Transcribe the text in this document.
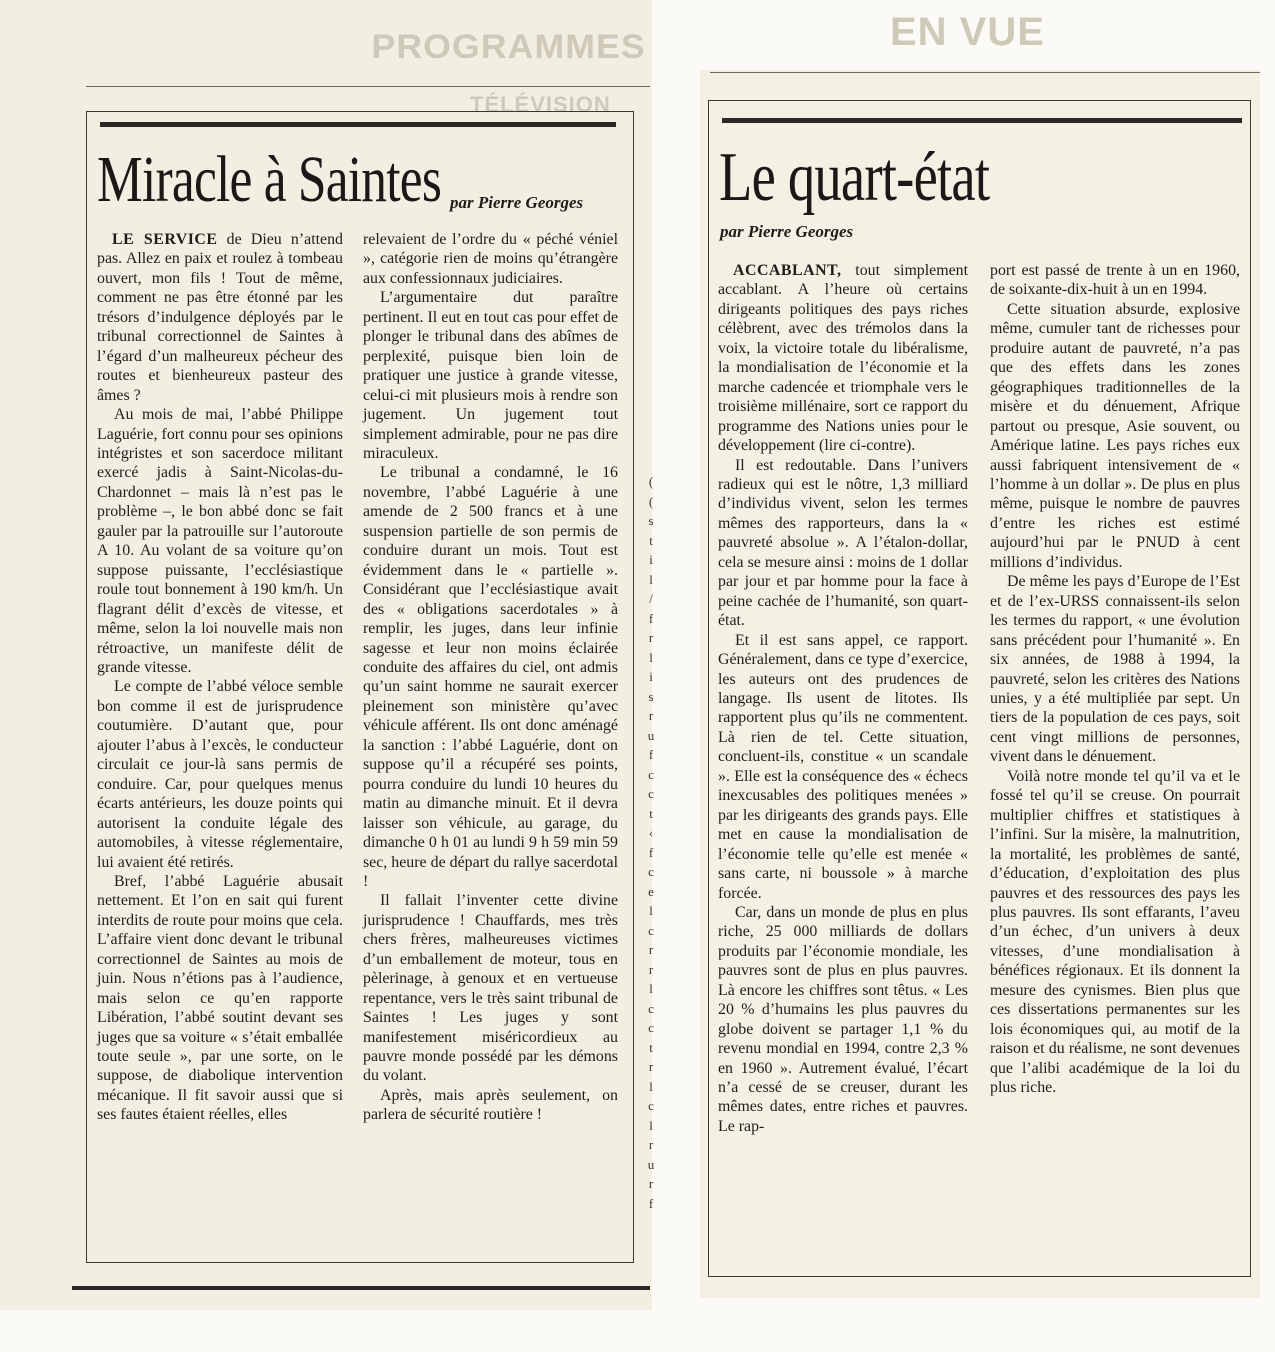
PROGRAMMES
TÉLÉVISION
Miracle à Saintes par Pierre Georges

LE SERVICE de Dieu n’attend pas. Allez en paix et roulez à tombeau ouvert, mon fils ! Tout de même, comment ne pas être étonné par les trésors d’indulgence déployés par le tribunal correctionnel de Saintes à l’égard d’un malheureux pécheur des routes et bienheureux pasteur des âmes ?

Au mois de mai, l’abbé Philippe Laguérie, fort connu pour ses opinions intégristes et son sacerdoce militant exercé jadis à Saint-Nicolas-du-Chardonnet – mais là n’est pas le problème –, le bon abbé donc se fait gauler par la patrouille sur l’autoroute A 10. Au volant de sa voiture qu’on suppose puissante, l’ecclésiastique roule tout bonnement à 190 km/h. Un flagrant délit d’excès de vitesse, et même, selon la loi nouvelle mais non rétroactive, un manifeste délit de grande vitesse.

Le compte de l’abbé véloce semble bon comme il est de jurisprudence coutumière. D’autant que, pour ajouter l’abus à l’excès, le conducteur circulait ce jour-là sans permis de conduire. Car, pour quelques menus écarts antérieurs, les douze points qui autorisent la conduite légale des automobiles, à vitesse réglementaire, lui avaient été retirés.

Bref, l’abbé Laguérie abusait nettement. Et l’on en sait qui furent interdits de route pour moins que cela. L’affaire vient donc devant le tribunal correctionnel de Saintes au mois de juin. Nous n’étions pas à l’audience, mais selon ce qu’en rapporte Libération, l’abbé soutint devant ses juges que sa voiture « s’était emballée toute seule », par une sorte, on le suppose, de diabolique intervention mécanique. Il fit savoir aussi que si ses fautes étaient réelles, elles

relevaient de l’ordre du « péché véniel », catégorie rien de moins qu’étrangère aux confessionnaux judiciaires.

L’argumentaire dut paraître pertinent. Il eut en tout cas pour effet de plonger le tribunal dans des abîmes de perplexité, puisque bien loin de pratiquer une justice à grande vitesse, celui-ci mit plusieurs mois à rendre son jugement. Un jugement tout simplement admirable, pour ne pas dire miraculeux.

Le tribunal a condamné, le 16 novembre, l’abbé Laguérie à une amende de 2 500 francs et à une suspension partielle de son permis de conduire durant un mois. Tout est évidemment dans le « partielle ». Considérant que l’ecclésiastique avait des « obligations sacerdotales » à remplir, les juges, dans leur infinie sagesse et leur non moins éclairée conduite des affaires du ciel, ont admis qu’un saint homme ne saurait exercer pleinement son ministère qu’avec véhicule afférent. Ils ont donc aménagé la sanction : l’abbé Laguérie, dont on suppose qu’il a récupéré ses points, pourra conduire du lundi 10 heures du matin au dimanche minuit. Et il devra laisser son véhicule, au garage, du dimanche 0 h 01 au lundi 9 h 59 min 59 sec, heure de départ du rallye sacerdotal !

Il fallait l’inventer cette divine jurisprudence ! Chauffards, mes très chers frères, malheureuses victimes d’un emballement de moteur, tous en pèlerinage, à genoux et en vertueuse repentance, vers le très saint tribunal de Saintes ! Les juges y sont manifestement miséricordieux au pauvre monde possédé par les démons du volant.

Après, mais après seulement, on parlera de sécurité routière !

(
(
s
t
i
l
/
f
r
l
i
s
r
u
f
c
c
t
‹
f
c
e
l
c
r
r
l
c
c
t
r
l
c
l
r
u
r
f
EN VUE
Le quart-état
par Pierre Georges

ACCABLANT, tout simplement accablant. A l’heure où certains dirigeants politiques des pays riches célèbrent, avec des trémolos dans la voix, la victoire totale du libéralisme, la mondialisation de l’économie et la marche cadencée et triomphale vers le troisième millénaire, sort ce rapport du programme des Nations unies pour le développement (lire ci-contre).

Il est redoutable. Dans l’univers radieux qui est le nôtre, 1,3 milliard d’individus vivent, selon les termes mêmes des rapporteurs, dans la « pauvreté absolue ». A l’étalon-dollar, cela se mesure ainsi : moins de 1 dollar par jour et par homme pour la face à peine cachée de l’humanité, son quart-état.

Et il est sans appel, ce rapport. Généralement, dans ce type d’exercice, les auteurs ont des prudences de langage. Ils usent de litotes. Ils rapportent plus qu’ils ne commentent. Là rien de tel. Cette situation, concluent-ils, constitue « un scandale ». Elle est la conséquence des « échecs inexcusables des politiques menées » par les dirigeants des grands pays. Elle met en cause la mondialisation de l’économie telle qu’elle est menée « sans carte, ni boussole » à marche forcée.

Car, dans un monde de plus en plus riche, 25 000 milliards de dollars produits par l’économie mondiale, les pauvres sont de plus en plus pauvres. Là encore les chiffres sont têtus. « Les 20 % d’humains les plus pauvres du globe doivent se partager 1,1 % du revenu mondial en 1994, contre 2,3 % en 1960 ». Autrement évalué, l’écart n’a cessé de se creuser, durant les mêmes dates, entre riches et pauvres. Le rap-

port est passé de trente à un en 1960, de soixante-dix-huit à un en 1994.

Cette situation absurde, explosive même, cumuler tant de richesses pour produire autant de pauvreté, n’a pas que des effets dans les zones géographiques traditionnelles de la misère et du dénuement, Afrique partout ou presque, Asie souvent, ou Amérique latine. Les pays riches eux aussi fabriquent intensivement de « l’homme à un dollar ». De plus en plus même, puisque le nombre de pauvres d’entre les riches est estimé aujourd’hui par le PNUD à cent millions d’individus.

De même les pays d’Europe de l’Est et de l’ex-URSS connaissent-ils selon les termes du rapport, « une évolution sans précédent pour l’humanité ». En six années, de 1988 à 1994, la pauvreté, selon les critères des Nations unies, y a été multipliée par sept. Un tiers de la population de ces pays, soit cent vingt millions de personnes, vivent dans le dénuement.

Voilà notre monde tel qu’il va et le fossé tel qu’il se creuse. On pourrait multiplier chiffres et statistiques à l’infini. Sur la misère, la malnutrition, la mortalité, les problèmes de santé, d’éducation, d’exploitation des plus pauvres et des ressources des pays les plus pauvres. Ils sont effarants, l’aveu d’un échec, d’un univers à deux vitesses, d’une mondialisation à bénéfices régionaux. Et ils donnent la mesure des cynismes. Bien plus que ces dissertations permanentes sur les lois économiques qui, au motif de la raison et du réalisme, ne sont devenues que l’alibi académique de la loi du plus riche.
